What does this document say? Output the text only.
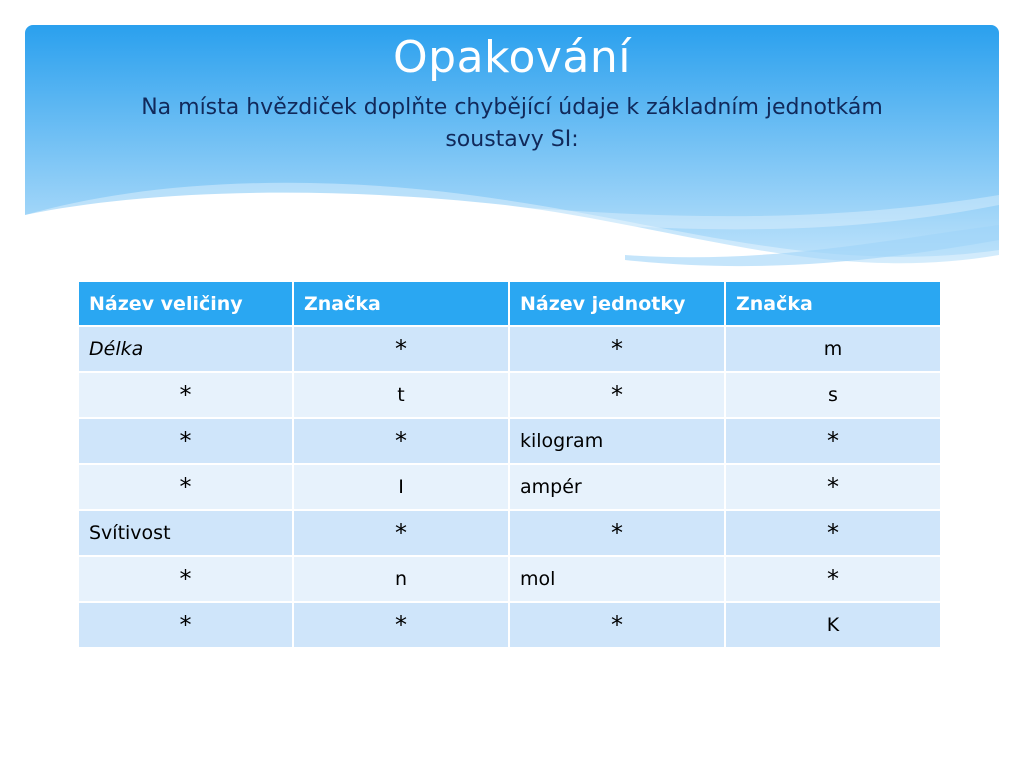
Opakování
Na místa hvězdiček doplňte chybějící údaje k základním jednotkám soustavy SI:
Název veličiny	Značka	Název jednotky	Značka
Délka	*	*	m
*	t	*	s
*	*	kilogram	*
*	I	ampér	*
Svítivost	*	*	*
*	n	mol	*
*	*	*	K
